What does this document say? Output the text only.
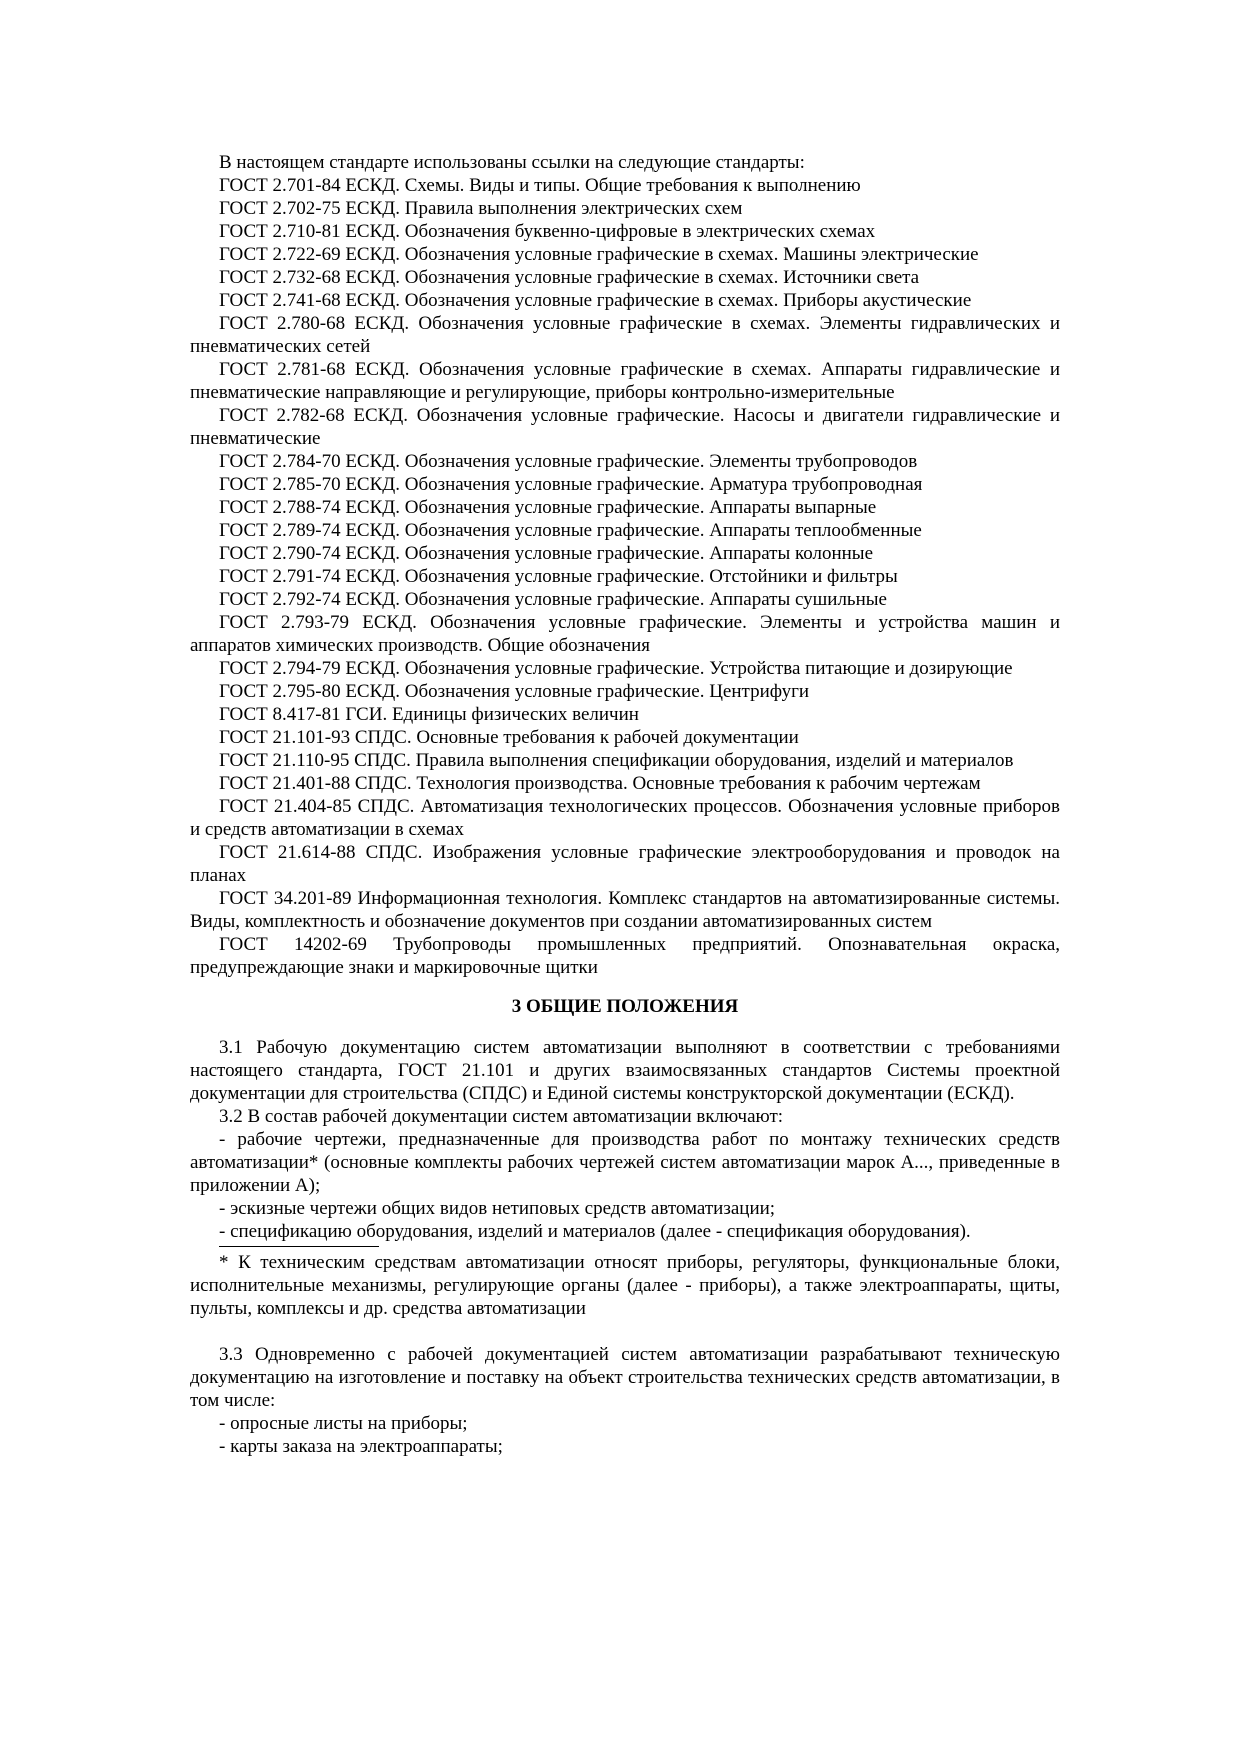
В настоящем стандарте использованы ссылки на следующие стандарты:

ГОСТ 2.701-84 ЕСКД. Схемы. Виды и типы. Общие требования к выполнению

ГОСТ 2.702-75 ЕСКД. Правила выполнения электрических схем

ГОСТ 2.710-81 ЕСКД. Обозначения буквенно-цифровые в электрических схемах

ГОСТ 2.722-69 ЕСКД. Обозначения условные графические в схемах. Машины электрические

ГОСТ 2.732-68 ЕСКД. Обозначения условные графические в схемах. Источники света

ГОСТ 2.741-68 ЕСКД. Обозначения условные графические в схемах. Приборы акустические

ГОСТ 2.780-68 ЕСКД. Обозначения условные графические в схемах. Элементы гидравлических и пневматических сетей

ГОСТ 2.781-68 ЕСКД. Обозначения условные графические в схемах. Аппараты гидравлические и пневматические направляющие и регулирующие, приборы контрольно-измерительные

ГОСТ 2.782-68 ЕСКД. Обозначения условные графические. Насосы и двигатели гидравлические и пневматические

ГОСТ 2.784-70 ЕСКД. Обозначения условные графические. Элементы трубопроводов

ГОСТ 2.785-70 ЕСКД. Обозначения условные графические. Арматура трубопроводная

ГОСТ 2.788-74 ЕСКД. Обозначения условные графические. Аппараты выпарные

ГОСТ 2.789-74 ЕСКД. Обозначения условные графические. Аппараты теплообменные

ГОСТ 2.790-74 ЕСКД. Обозначения условные графические. Аппараты колонные

ГОСТ 2.791-74 ЕСКД. Обозначения условные графические. Отстойники и фильтры

ГОСТ 2.792-74 ЕСКД. Обозначения условные графические. Аппараты сушильные

ГОСТ 2.793-79 ЕСКД. Обозначения условные графические. Элементы и устройства машин и аппаратов химических производств. Общие обозначения

ГОСТ 2.794-79 ЕСКД. Обозначения условные графические. Устройства питающие и дозирующие

ГОСТ 2.795-80 ЕСКД. Обозначения условные графические. Центрифуги

ГОСТ 8.417-81 ГСИ. Единицы физических величин

ГОСТ 21.101-93 СПДС. Основные требования к рабочей документации

ГОСТ 21.110-95 СПДС. Правила выполнения спецификации оборудования, изделий и материалов

ГОСТ 21.401-88 СПДС. Технология производства. Основные требования к рабочим чертежам

ГОСТ 21.404-85 СПДС. Автоматизация технологических процессов. Обозначения условные приборов и средств автоматизации в схемах

ГОСТ 21.614-88 СПДС. Изображения условные графические электрооборудования и проводок на планах

ГОСТ 34.201-89 Информационная технология. Комплекс стандартов на автоматизированные системы. Виды, комплектность и обозначение документов при создании автоматизированных систем

ГОСТ 14202-69 Трубопроводы промышленных предприятий. Опознавательная окраска, предупреждающие знаки и маркировочные щитки

3 ОБЩИЕ ПОЛОЖЕНИЯ

3.1 Рабочую документацию систем автоматизации выполняют в соответствии с требованиями настоящего стандарта, ГОСТ 21.101 и других взаимосвязанных стандартов Системы проектной документации для строительства (СПДС) и Единой системы конструкторской документации (ЕСКД).

3.2 В состав рабочей документации систем автоматизации включают:

- рабочие чертежи, предназначенные для производства работ по монтажу технических средств автоматизации* (основные комплекты рабочих чертежей систем автоматизации марок А..., приведенные в приложении А);

- эскизные чертежи общих видов нетиповых средств автоматизации;

- спецификацию оборудования, изделий и материалов (далее - спецификация оборудования).

* К техническим средствам автоматизации относят приборы, регуляторы, функциональные блоки, исполнительные механизмы, регулирующие органы (далее - приборы), а также электроаппараты, щиты, пульты, комплексы и др. средства автоматизации

3.3 Одновременно с рабочей документацией систем автоматизации разрабатывают техническую документацию на изготовление и поставку на объект строительства технических средств автоматизации, в том числе:

- опросные листы на приборы;

- карты заказа на электроаппараты;
